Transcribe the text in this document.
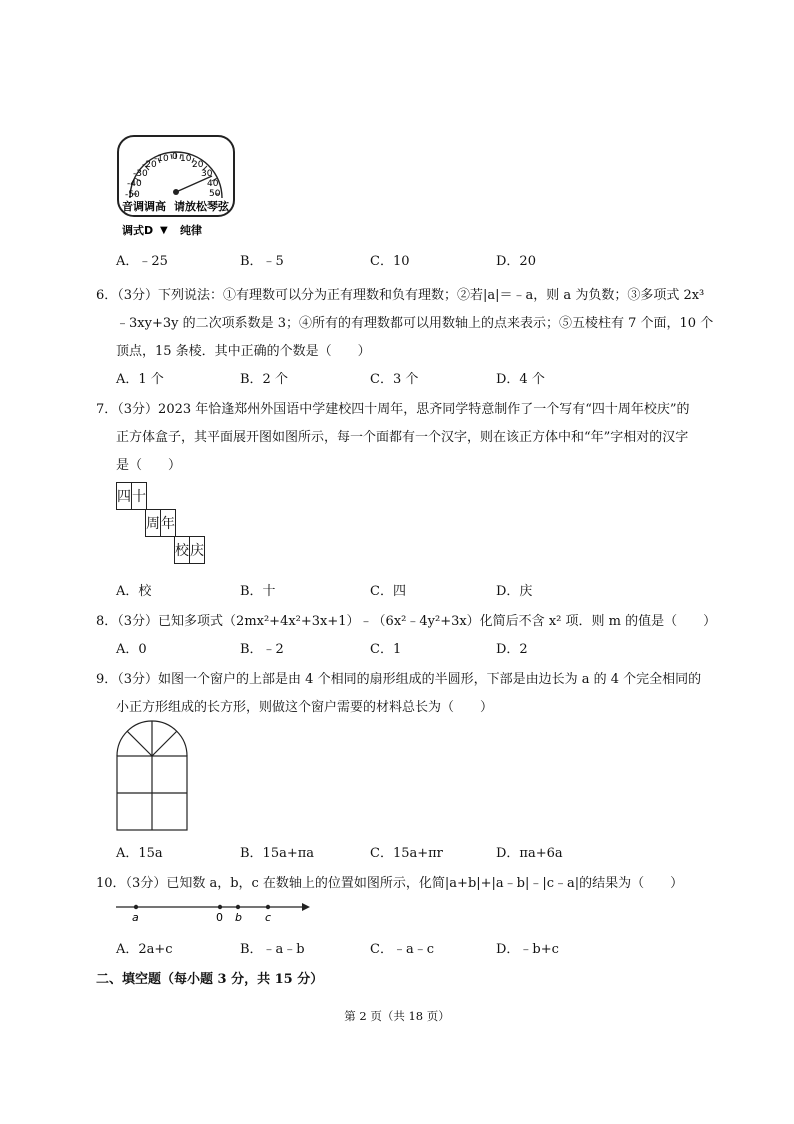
-50
-40
-30
-20
-10 0 10
20
30
40
50
音调调高 请放松琴弦
调式D ▼ 纯律
A．﹣25	B．﹣5	C．10	D．20
6．（3分）下列说法：①有理数可以分为正有理数和负有理数；②若|a|＝﹣a，则 a 为负数；③多项式 2x³
﹣3xy+3y 的二次项系数是 3；④所有的有理数都可以用数轴上的点来表示；⑤五棱柱有 7 个面，10 个
顶点，15 条棱．其中正确的个数是（　　）
A．1 个	B．2 个	C．3 个	D．4 个
7．（3分）2023 年恰逢郑州外国语中学建校四十周年，思齐同学特意制作了一个写有“四十周年校庆”的
正方体盒子，其平面展开图如图所示，每一个面都有一个汉字，则在该正方体中和“年”字相对的汉字
是（　　）
四	十
周	年
校	庆
A．校	B．十	C．四	D．庆
8．（3分）已知多项式（2mx²+4x²+3x+1）﹣（6x²﹣4y²+3x）化简后不含 x² 项．则 m 的值是（　　）
A．0	B．﹣2	C．1	D．2
9．（3分）如图一个窗户的上部是由 4 个相同的扇形组成的半圆形，下部是由边长为 a 的 4 个完全相同的
小正方形组成的长方形，则做这个窗户需要的材料总长为（　　）
A．15a	B．15a+πa	C．15a+πr	D．πa+6a
10．（3分）已知数 a，b，c 在数轴上的位置如图所示，化简|a+b|+|a﹣b|﹣|c﹣a|的结果为（　　）
a	0 b c
A．2a+c	B．﹣a﹣b	C．﹣a﹣c	D．﹣b+c
二、填空题（每小题 3 分，共 15 分）
第 2 页（共 18 页）
